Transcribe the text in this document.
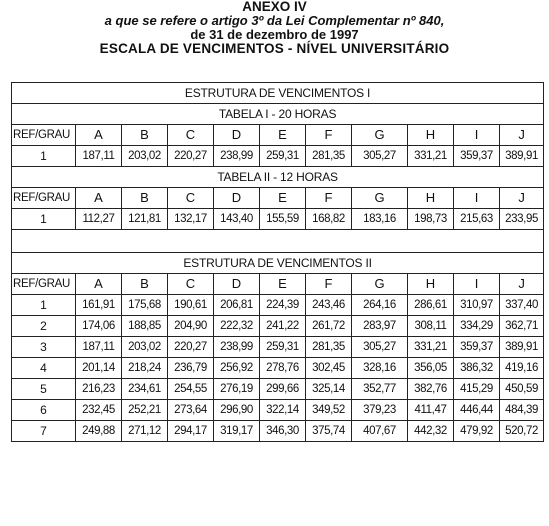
ANEXO IV
a que se refere o artigo 3º da Lei Complementar nº 840,
de 31 de dezembro de 1997
ESCALA DE VENCIMENTOS - NÍVEL UNIVERSITÁRIO
ESTRUTURA DE VENCIMENTOS I										
TABELA I - 20 HORAS										
REF/GRAU	A	B	C	D	E	F	G	H	I	J
1	187,11	203,02	220,27	238,99	259,31	281,35	305,27	331,21	359,37	389,91
TABELA II - 12 HORAS										
REF/GRAU	A	B	C	D	E	F	G	H	I	J
1	112,27	121,81	132,17	143,40	155,59	168,82	183,16	198,73	215,63	233,95

ESTRUTURA DE VENCIMENTOS II										
REF/GRAU	A	B	C	D	E	F	G	H	I	J
1	161,91	175,68	190,61	206,81	224,39	243,46	264,16	286,61	310,97	337,40
2	174,06	188,85	204,90	222,32	241,22	261,72	283,97	308,11	334,29	362,71
3	187,11	203,02	220,27	238,99	259,31	281,35	305,27	331,21	359,37	389,91
4	201,14	218,24	236,79	256,92	278,76	302,45	328,16	356,05	386,32	419,16
5	216,23	234,61	254,55	276,19	299,66	325,14	352,77	382,76	415,29	450,59
6	232,45	252,21	273,64	296,90	322,14	349,52	379,23	411,47	446,44	484,39
7	249,88	271,12	294,17	319,17	346,30	375,74	407,67	442,32	479,92	520,72
